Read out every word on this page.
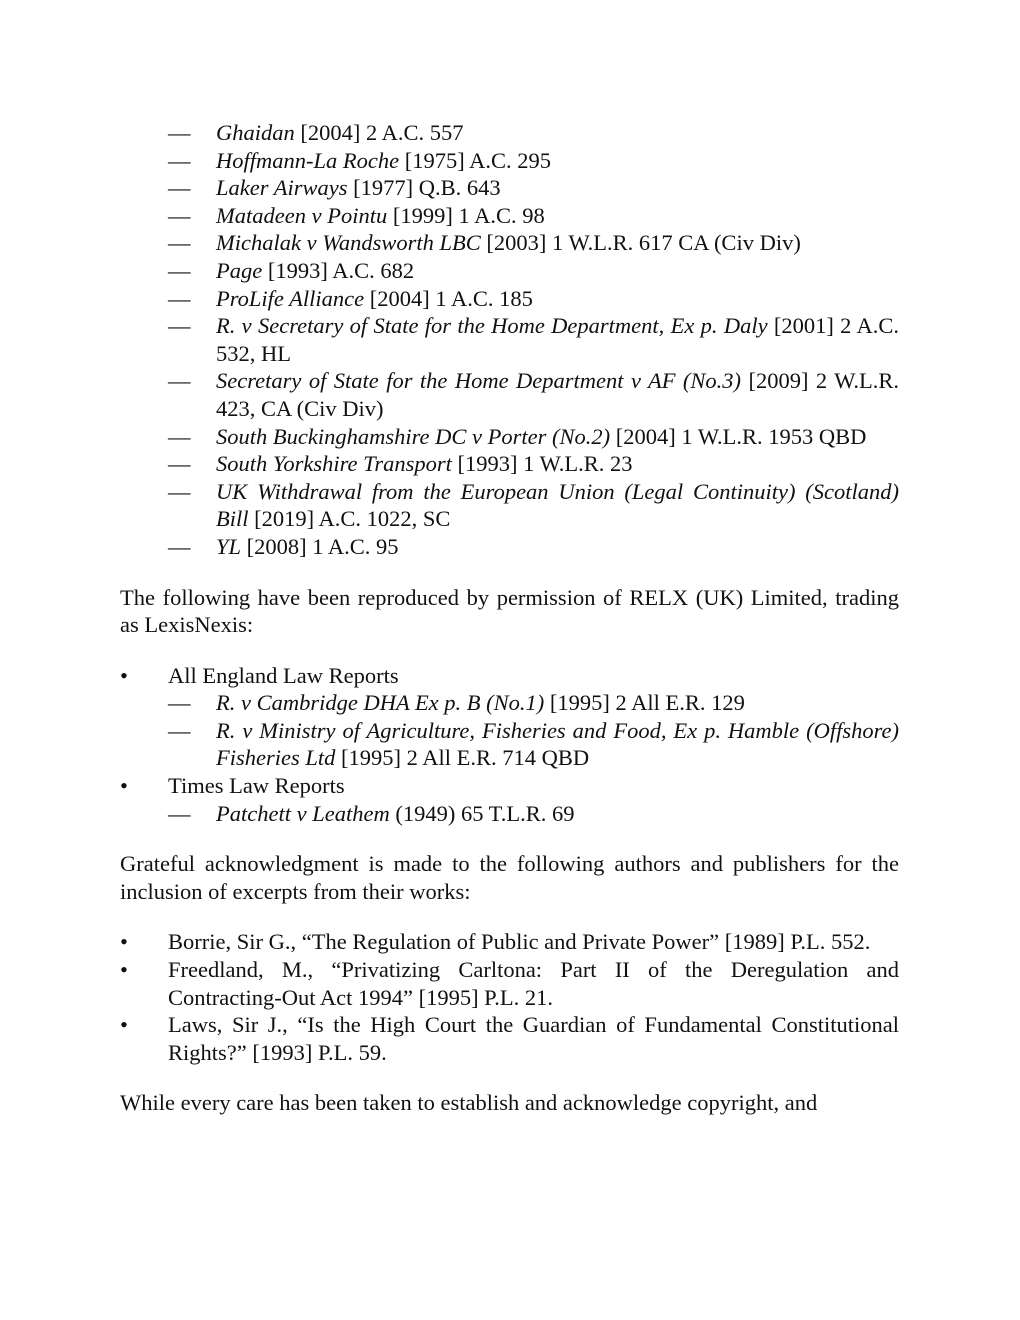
— Ghaidan [2004] 2 A.C. 557
— Hoffmann-La Roche [1975] A.C. 295
— Laker Airways [1977] Q.B. 643
— Matadeen v Pointu [1999] 1 A.C. 98
— Michalak v Wandsworth LBC [2003] 1 W.L.R. 617 CA (Civ Div)
— Page [1993] A.C. 682
— ProLife Alliance [2004] 1 A.C. 185
— R. v Secretary of State for the Home Department, Ex p. Daly [2001] 2 A.C. 532, HL
— Secretary of State for the Home Department v AF (No.3) [2009] 2 W.L.R. 423, CA (Civ Div)
— South Buckinghamshire DC v Porter (No.2) [2004] 1 W.L.R. 1953 QBD
— South Yorkshire Transport [1993] 1 W.L.R. 23
— UK Withdrawal from the European Union (Legal Continuity) (Scotland) Bill [2019] A.C. 1022, SC
— YL [2008] 1 A.C. 95

The following have been reproduced by permission of RELX (UK) Limited, trading as LexisNexis:

• All England Law Reports
— R. v Cambridge DHA Ex p. B (No.1) [1995] 2 All E.R. 129
— R. v Ministry of Agriculture, Fisheries and Food, Ex p. Hamble (Offshore) Fisheries Ltd [1995] 2 All E.R. 714 QBD
• Times Law Reports
— Patchett v Leathem (1949) 65 T.L.R. 69

Grateful acknowledgment is made to the following authors and publishers for the inclusion of excerpts from their works:

• Borrie, Sir G., “The Regulation of Public and Private Power” [1989] P.L. 552.
• Freedland, M., “Privatizing Carltona: Part II of the Deregulation and Contracting-Out Act 1994” [1995] P.L. 21.
• Laws, Sir J., “Is the High Court the Guardian of Fundamental Constitutional Rights?” [1993] P.L. 59.

While every care has been taken to establish and acknowledge copyright, and
